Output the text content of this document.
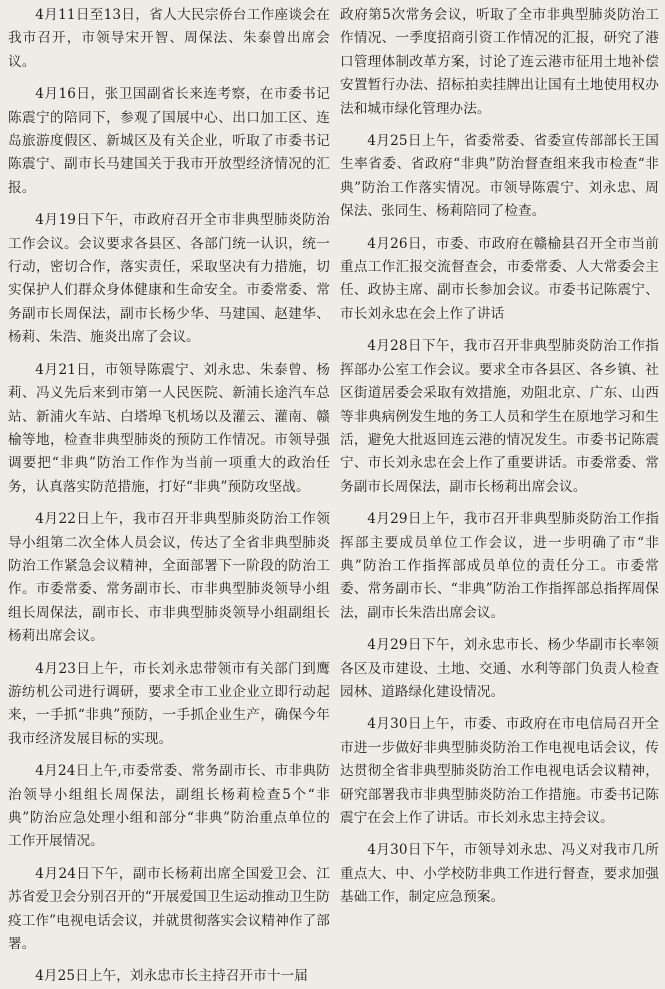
4月11日至13日，省人大民宗侨台工作座谈会在我市召开，市领导宋开智、周保法、朱泰曾出席会议。

4月16日，张卫国副省长来连考察，在市委书记陈震宁的陪同下，参观了国展中心、出口加工区、连岛旅游度假区、新城区及有关企业，听取了市委书记陈震宁、副市长马建国关于我市开放型经济情况的汇报。

4月19日下午，市政府召开全市非典型肺炎防治工作会议。会议要求各县区、各部门统一认识，统一行动，密切合作，落实责任，采取坚决有力措施，切实保护人们群众身体健康和生命安全。市委常委、常务副市长周保法，副市长杨少华、马建国、赵建华、杨莉、朱浩、施炎出席了会议。

4月21日，市领导陈震宁、刘永忠、朱泰曾、杨莉、冯义先后来到市第一人民医院、新浦长途汽车总站、新浦火车站、白塔埠飞机场以及灌云、灌南、赣榆等地，检查非典型肺炎的预防工作情况。市领导强调要把“非典”防治工作作为当前一项重大的政治任务，认真落实防范措施，打好“非典”预防攻坚战。

4月22日上午，我市召开非典型肺炎防治工作领导小组第二次全体人员会议，传达了全省非典型肺炎防治工作紧急会议精神，全面部署下一阶段的防治工作。市委常委、常务副市长、市非典型肺炎领导小组组长周保法，副市长、市非典型肺炎领导小组副组长杨莉出席会议。

4月23日上午，市长刘永忠带领市有关部门到鹰游纺机公司进行调研，要求全市工业企业立即行动起来，一手抓“非典”预防，一手抓企业生产，确保今年我市经济发展目标的实现。

4月24日上午,市委常委、常务副市长、市非典防治领导小组组长周保法，副组长杨莉检查5个“非典”防治应急处理小组和部分“非典”防治重点单位的工作开展情况。

4月24日下午，副市长杨莉出席全国爱卫会、江苏省爱卫会分别召开的“开展爱国卫生运动推动卫生防疫工作”电视电话会议，并就贯彻落实会议精神作了部署。

4月25日上午，刘永忠市长主持召开市十一届

政府第5次常务会议，听取了全市非典型肺炎防治工作情况、一季度招商引资工作情况的汇报，研究了港口管理体制改革方案，讨论了连云港市征用土地补偿安置暂行办法、招标拍卖挂牌出让国有土地使用权办法和城市绿化管理办法。

4月25日上午，省委常委、省委宣传部部长王国生率省委、省政府“非典”防治督查组来我市检查“非典”防治工作落实情况。市领导陈震宁、刘永忠、周保法、张同生、杨莉陪同了检查。

4月26日，市委、市政府在赣榆县召开全市当前重点工作汇报交流督查会，市委常委、人大常委会主任、政协主席、副市长参加会议。市委书记陈震宁、市长刘永忠在会上作了讲话

4月28日下午，我市召开非典型肺炎防治工作指挥部办公室工作会议。要求全市各县区、各乡镇、社区街道居委会采取有效措施，劝阻北京、广东、山西等非典病例发生地的务工人员和学生在原地学习和生活，避免大批返回连云港的情况发生。市委书记陈震宁、市长刘永忠在会上作了重要讲话。市委常委、常务副市长周保法，副市长杨莉出席会议。

4月29日上午，我市召开非典型肺炎防治工作指挥部主要成员单位工作会议，进一步明确了市“非典”防治工作指挥部成员单位的责任分工。市委常委、常务副市长、“非典”防治工作指挥部总指挥周保法，副市长朱浩出席会议。

4月29日下午，刘永忠市长、杨少华副市长率领各区及市建设、土地、交通、水利等部门负责人检查园林、道路绿化建设情况。

4月30日上午，市委、市政府在市电信局召开全市进一步做好非典型肺炎防治工作电视电话会议，传达贯彻全省非典型肺炎防治工作电视电话会议精神，研究部署我市非典型肺炎防治工作措施。市委书记陈震宁在会上作了讲话。市长刘永忠主持会议。

4月30日下午，市领导刘永忠、冯义对我市几所重点大、中、小学校防非典工作进行督查，要求加强基础工作，制定应急预案。
